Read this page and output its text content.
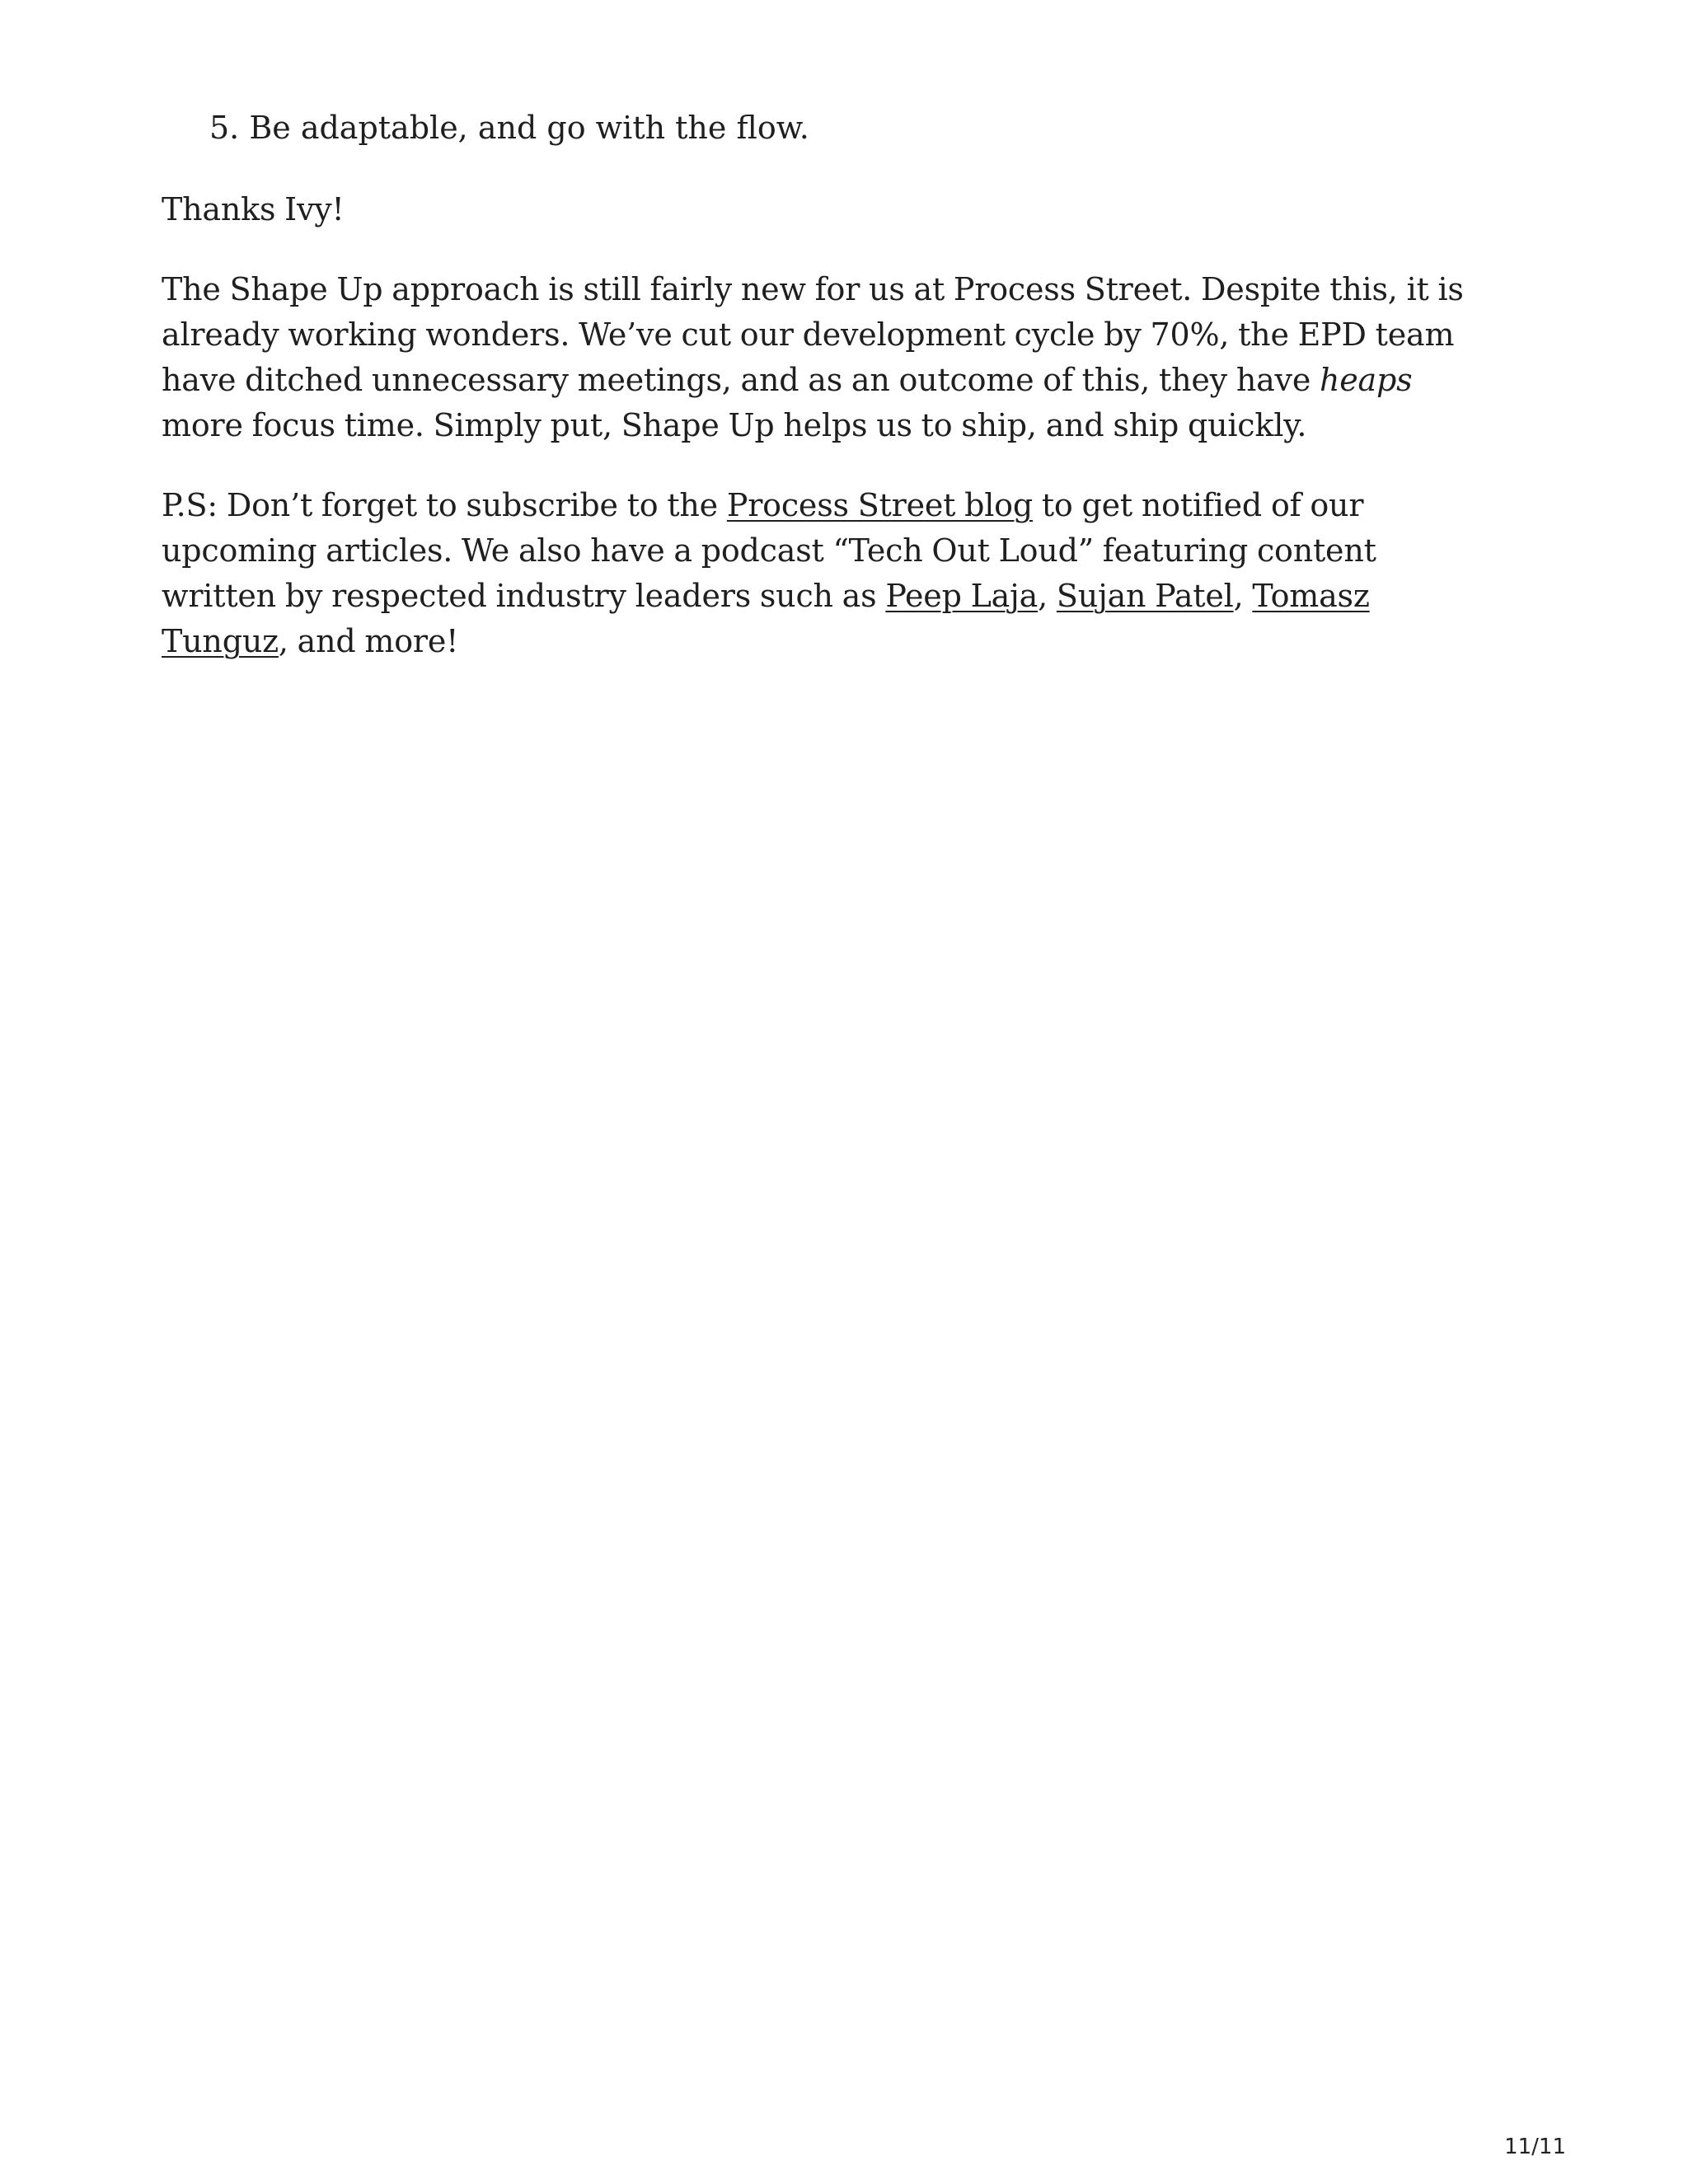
5. Be adaptable, and go with the flow.

Thanks Ivy!

The Shape Up approach is still fairly new for us at Process Street. Despite this, it is already working wonders. We’ve cut our development cycle by 70%, the EPD team have ditched unnecessary meetings, and as an outcome of this, they have heaps more focus time. Simply put, Shape Up helps us to ship, and ship quickly.

P.S: Don’t forget to subscribe to the Process Street blog to get notified of our upcoming articles. We also have a podcast “Tech Out Loud” featuring content written by respected industry leaders such as Peep Laja, Sujan Patel, Tomasz Tunguz, and more!

11/11
